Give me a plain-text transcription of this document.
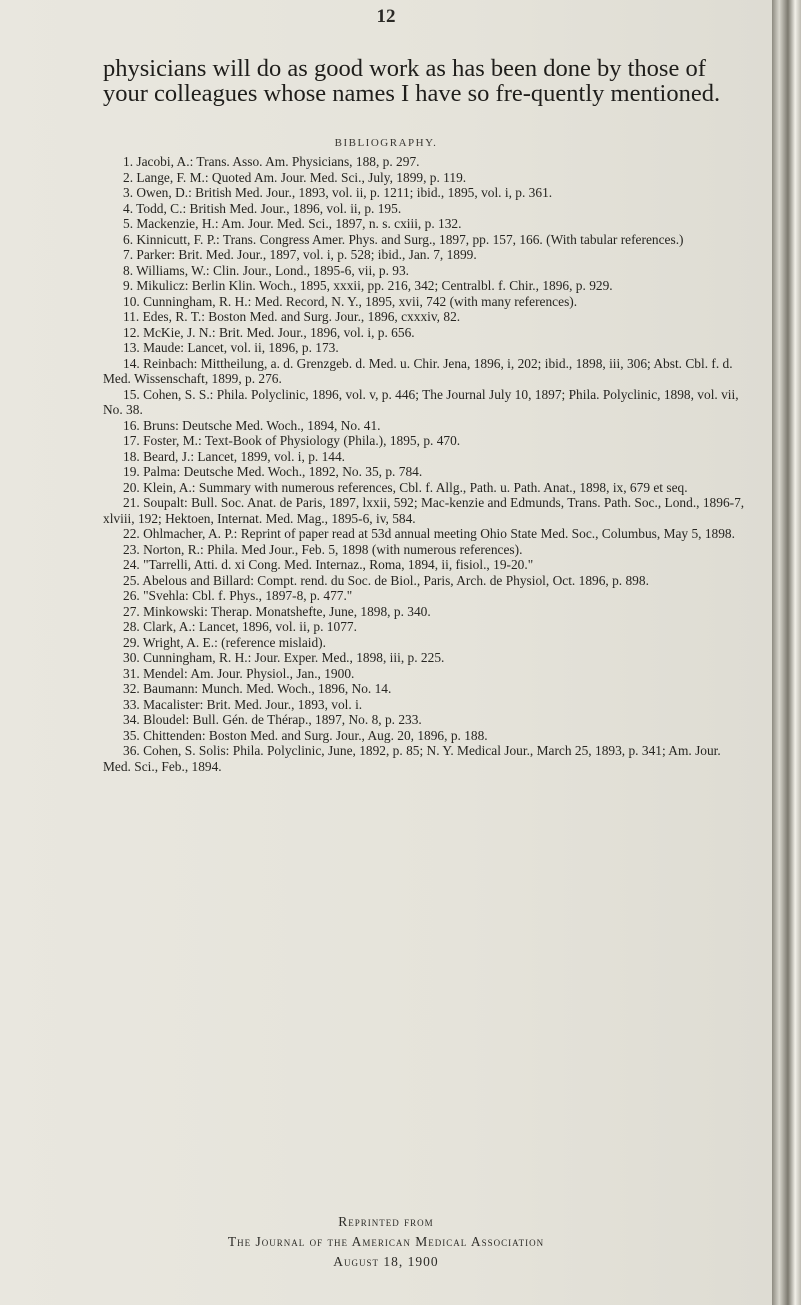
12
physicians will do as good work as has been done by those of your colleagues whose names I have so fre-quently mentioned.
BIBLIOGRAPHY.

1. Jacobi, A.: Trans. Asso. Am. Physicians, 188, p. 297.

2. Lange, F. M.: Quoted Am. Jour. Med. Sci., July, 1899, p. 119.

3. Owen, D.: British Med. Jour., 1893, vol. ii, p. 1211; ibid., 1895, vol. i, p. 361.

4. Todd, C.: British Med. Jour., 1896, vol. ii, p. 195.

5. Mackenzie, H.: Am. Jour. Med. Sci., 1897, n. s. cxiii, p. 132.

6. Kinnicutt, F. P.: Trans. Congress Amer. Phys. and Surg., 1897, pp. 157, 166. (With tabular references.)

7. Parker: Brit. Med. Jour., 1897, vol. i, p. 528; ibid., Jan. 7, 1899.

8. Williams, W.: Clin. Jour., Lond., 1895-6, vii, p. 93.

9. Mikulicz: Berlin Klin. Woch., 1895, xxxii, pp. 216, 342; Centralbl. f. Chir., 1896, p. 929.

10. Cunningham, R. H.: Med. Record, N. Y., 1895, xvii, 742 (with many references).

11. Edes, R. T.: Boston Med. and Surg. Jour., 1896, cxxxiv, 82.

12. McKie, J. N.: Brit. Med. Jour., 1896, vol. i, p. 656.

13. Maude: Lancet, vol. ii, 1896, p. 173.

14. Reinbach: Mittheilung, a. d. Grenzgeb. d. Med. u. Chir. Jena, 1896, i, 202; ibid., 1898, iii, 306; Abst. Cbl. f. d. Med. Wissenschaft, 1899, p. 276.

15. Cohen, S. S.: Phila. Polyclinic, 1896, vol. v, p. 446; The Journal July 10, 1897; Phila. Polyclinic, 1898, vol. vii, No. 38.

16. Bruns: Deutsche Med. Woch., 1894, No. 41.

17. Foster, M.: Text-Book of Physiology (Phila.), 1895, p. 470.

18. Beard, J.: Lancet, 1899, vol. i, p. 144.

19. Palma: Deutsche Med. Woch., 1892, No. 35, p. 784.

20. Klein, A.: Summary with numerous references, Cbl. f. Allg., Path. u. Path. Anat., 1898, ix, 679 et seq.

21. Soupalt: Bull. Soc. Anat. de Paris, 1897, lxxii, 592; Mac-kenzie and Edmunds, Trans. Path. Soc., Lond., 1896-7, xlviii, 192; Hektoen, Internat. Med. Mag., 1895-6, iv, 584.

22. Ohlmacher, A. P.: Reprint of paper read at 53d annual meeting Ohio State Med. Soc., Columbus, May 5, 1898.

23. Norton, R.: Phila. Med Jour., Feb. 5, 1898 (with numerous references).

24. "Tarrelli, Atti. d. xi Cong. Med. Internaz., Roma, 1894, ii, fisiol., 19-20."

25. Abelous and Billard: Compt. rend. du Soc. de Biol., Paris, Arch. de Physiol, Oct. 1896, p. 898.

26. "Svehla: Cbl. f. Phys., 1897-8, p. 477."

27. Minkowski: Therap. Monatshefte, June, 1898, p. 340.

28. Clark, A.: Lancet, 1896, vol. ii, p. 1077.

29. Wright, A. E.: (reference mislaid).

30. Cunningham, R. H.: Jour. Exper. Med., 1898, iii, p. 225.

31. Mendel: Am. Jour. Physiol., Jan., 1900.

32. Baumann: Munch. Med. Woch., 1896, No. 14.

33. Macalister: Brit. Med. Jour., 1893, vol. i.

34. Bloudel: Bull. Gén. de Thérap., 1897, No. 8, p. 233.

35. Chittenden: Boston Med. and Surg. Jour., Aug. 20, 1896, p. 188.

36. Cohen, S. Solis: Phila. Polyclinic, June, 1892, p. 85; N. Y. Medical Jour., March 25, 1893, p. 341; Am. Jour. Med. Sci., Feb., 1894.

Reprinted from
The Journal of the American Medical Association
August 18, 1900
